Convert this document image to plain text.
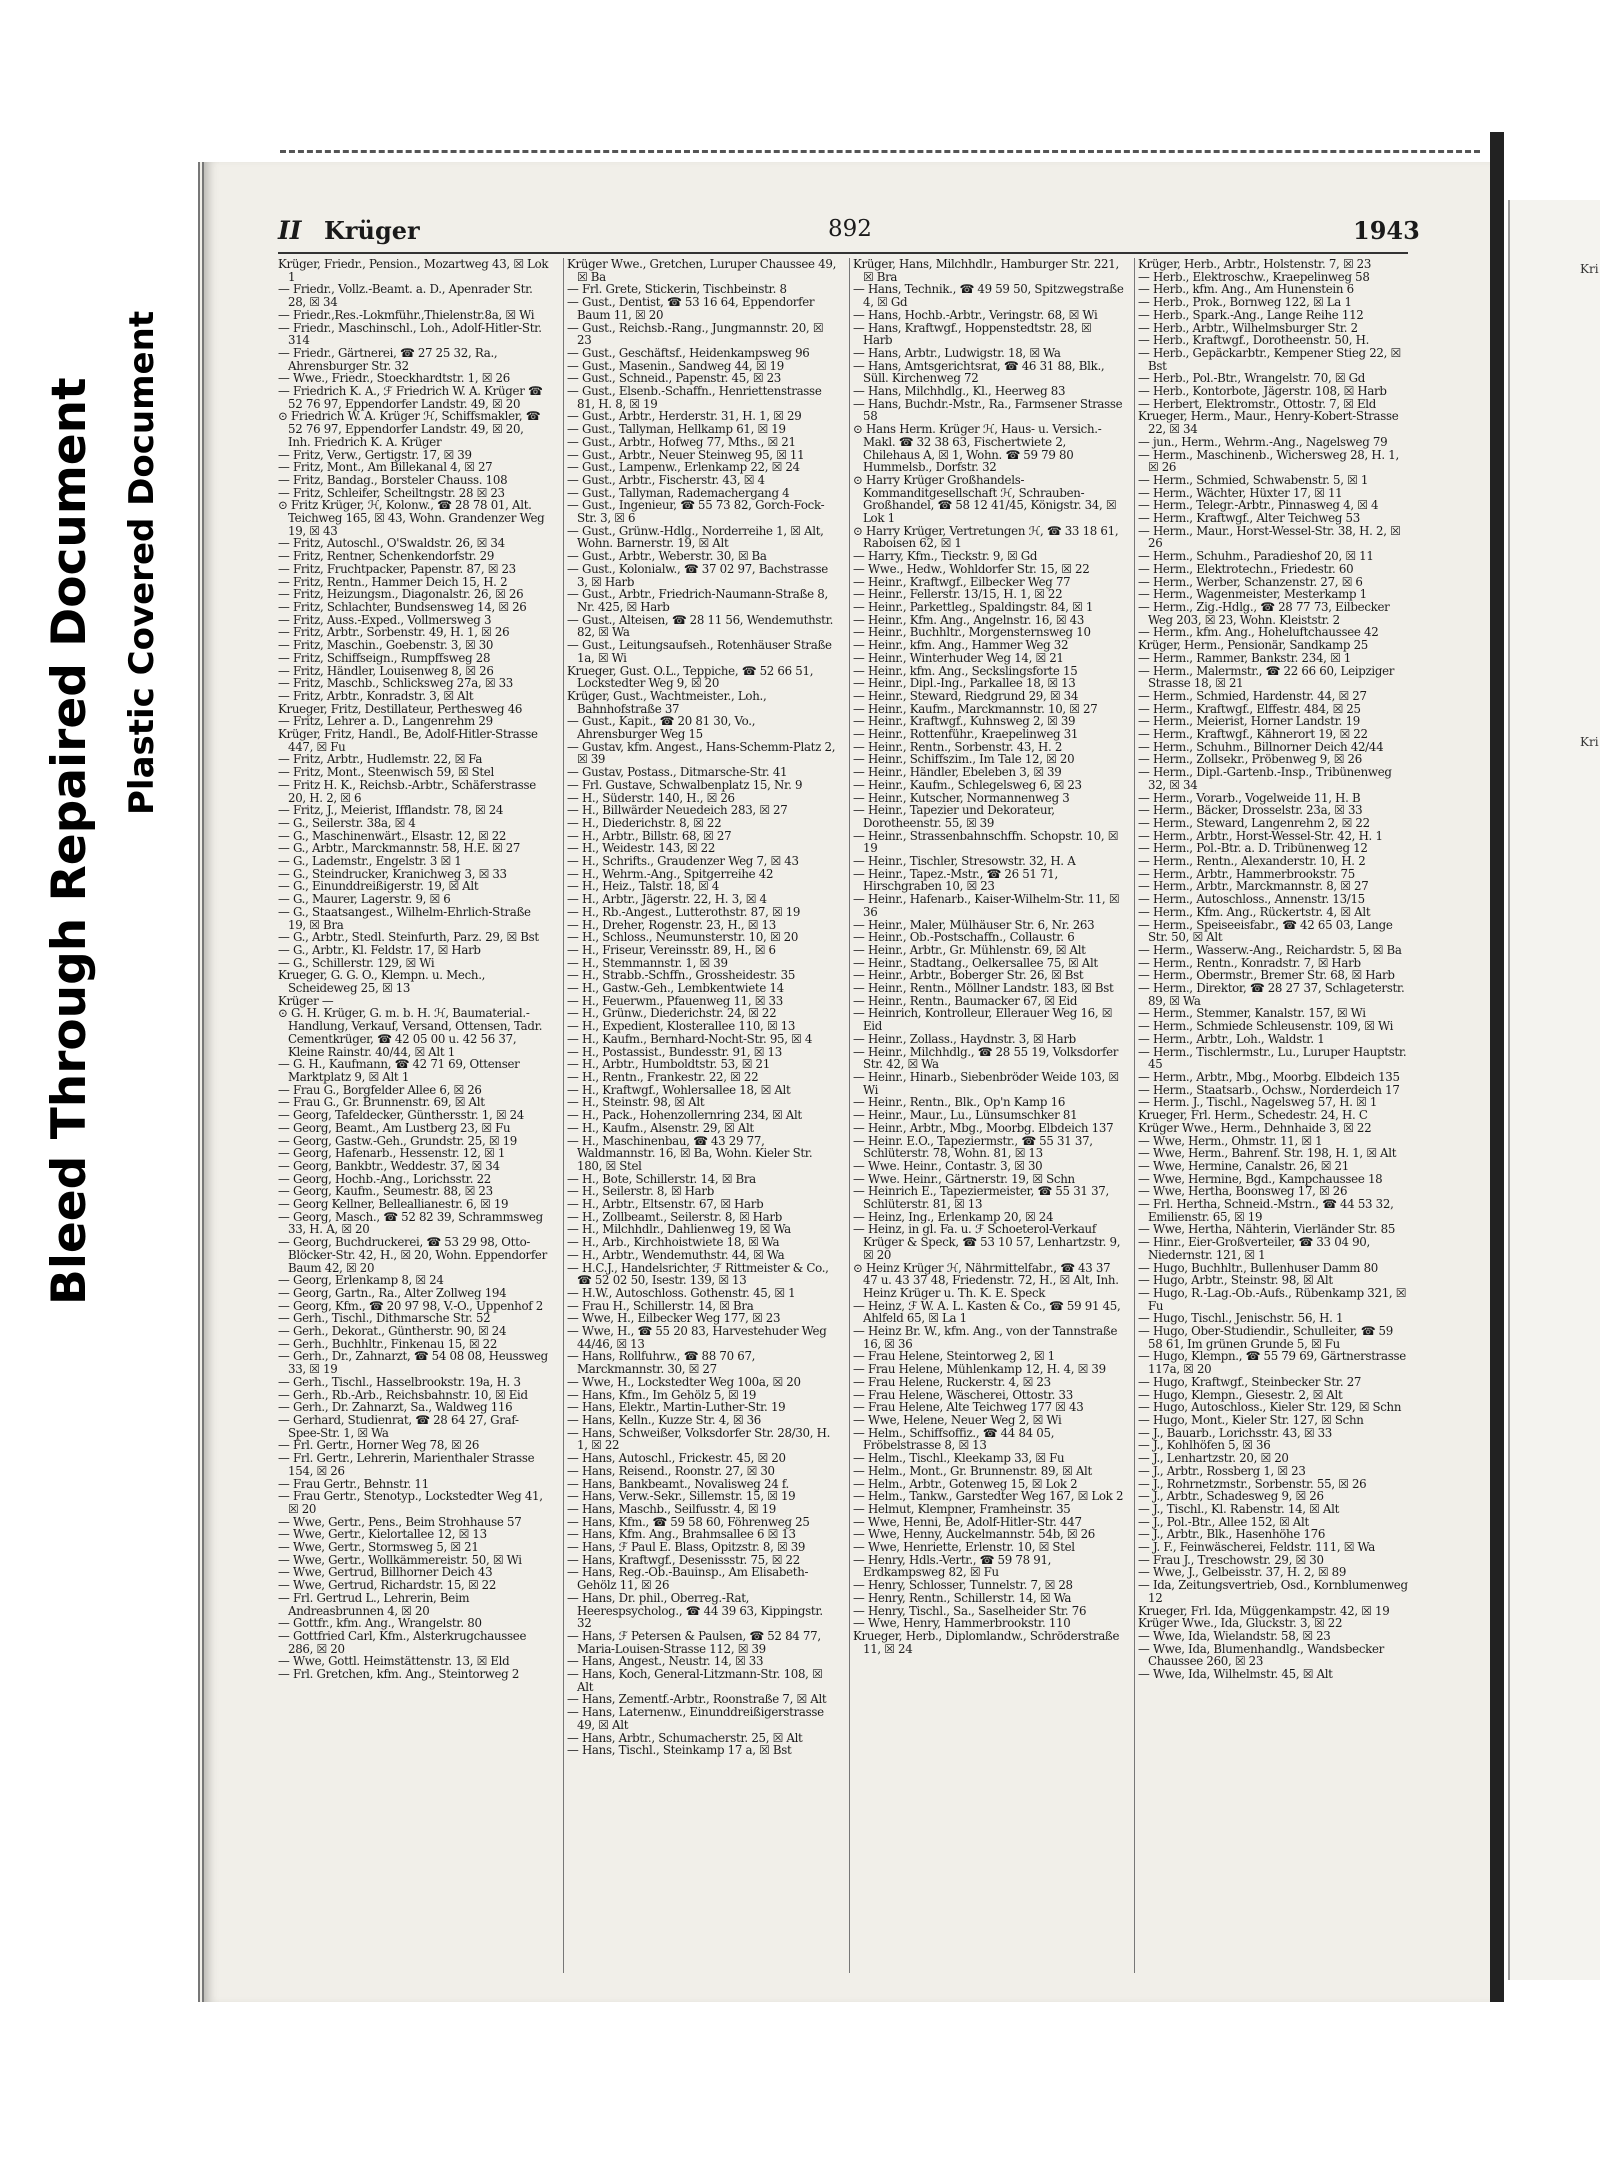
Bleed Through Repaired Document Plastic Covered Document
Kri
Kri
II Krüger	892	1943

Krüger, Friedr., Pension., Mozartweg 43, ☒ Lok 1

— Friedr., Vollz.-Beamt. a. D., Apenrader Str. 28, ☒ 34

— Friedr.,Res.-Lokmführ.,Thielenstr.8a, ☒ Wi

— Friedr., Maschinschl., Loh., Adolf-Hitler-Str. 314

— Friedr., Gärtnerei, ☎ 27 25 32, Ra., Ahrensburger Str. 32

— Wwe., Friedr., Stoeckhardtstr. 1, ☒ 26

— Friedrich K. A., ℱ Friedrich W. A. Krüger ☎ 52 76 97, Eppendorfer Landstr. 49, ☒ 20

⊙ Friedrich W. A. Krüger ℋ, Schiffsmakler, ☎ 52 76 97, Eppendorfer Landstr. 49, ☒ 20, Inh. Friedrich K. A. Krüger

— Fritz, Verw., Gertigstr. 17, ☒ 39

— Fritz, Mont., Am Billekanal 4, ☒ 27

— Fritz, Bandag., Borsteler Chauss. 108

— Fritz, Schleifer, Scheiltngstr. 28 ☒ 23

⊙ Fritz Krüger, ℋ, Kolonw., ☎ 28 78 01, Alt. Teichweg 165, ☒ 43, Wohn. Grandenzer Weg 19, ☒ 43

— Fritz, Autoschl., O'Swaldstr. 26, ☒ 34

— Fritz, Rentner, Schenkendorfstr. 29

— Fritz, Fruchtpacker, Papenstr. 87, ☒ 23

— Fritz, Rentn., Hammer Deich 15, H. 2

— Fritz, Heizungsm., Diagonalstr. 26, ☒ 26

— Fritz, Schlachter, Bundsensweg 14, ☒ 26

— Fritz, Auss.-Exped., Vollmersweg 3

— Fritz, Arbtr., Sorbenstr. 49, H. 1, ☒ 26

— Fritz, Maschin., Goebenstr. 3, ☒ 30

— Fritz, Schiffseign., Rumpffsweg 28

— Fritz, Händler, Louisenweg 8, ☒ 26

— Fritz, Maschb., Schlicksweg 27a, ☒ 33

— Fritz, Arbtr., Konradstr. 3, ☒ Alt

Krueger, Fritz, Destillateur, Perthesweg 46

— Fritz, Lehrer a. D., Langenrehm 29

Krüger, Fritz, Handl., Be, Adolf-Hitler-Strasse 447, ☒ Fu

— Fritz, Arbtr., Hudlemstr. 22, ☒ Fa

— Fritz, Mont., Steenwisch 59, ☒ Stel

— Fritz H. K., Reichsb.-Arbtr., Schäferstrasse 20, H. 2, ☒ 6

— Fritz, J., Meierist, Ifflandstr. 78, ☒ 24

— G., Seilerstr. 38a, ☒ 4

— G., Maschinenwärt., Elsastr. 12, ☒ 22

— G., Arbtr., Marckmannstr. 58, H.E. ☒ 27

— G., Lademstr., Engelstr. 3 ☒ 1

— G., Steindrucker, Kranichweg 3, ☒ 33

— G., Einunddreißigerstr. 19, ☒ Alt

— G., Maurer, Lagerstr. 9, ☒ 6

— G., Staatsangest., Wilhelm-Ehrlich-Straße 19, ☒ Bra

— G., Arbtr., Stedl. Steinfurth, Parz. 29, ☒ Bst

— G., Arbtr., Kl. Feldstr. 17, ☒ Harb

— G., Schillerstr. 129, ☒ Wi

Krueger, G. G. O., Klempn. u. Mech., Scheideweg 25, ☒ 13

Krüger —

⊙ G. H. Krüger, G. m. b. H. ℋ, Baumaterial.-Handlung, Verkauf, Versand, Ottensen, Tadr. Cementkrüger, ☎ 42 05 00 u. 42 56 37, Kleine Rainstr. 40/44, ☒ Alt 1

— G. H., Kaufmann, ☎ 42 71 69, Ottenser Marktplatz 9, ☒ Alt 1

— Frau G., Borgfelder Allee 6, ☒ 26

— Frau G., Gr. Brunnenstr. 69, ☒ Alt

— Georg, Tafeldecker, Günthersstr. 1, ☒ 24

— Georg, Beamt., Am Lustberg 23, ☒ Fu

— Georg, Gastw.-Geh., Grundstr. 25, ☒ 19

— Georg, Hafenarb., Hessenstr. 12, ☒ 1

— Georg, Bankbtr., Weddestr. 37, ☒ 34

— Georg, Hochb.-Ang., Lorichsstr. 22

— Georg, Kaufm., Seumestr. 88, ☒ 23

— Georg Kellner, Belleallianestr. 6, ☒ 19

— Georg, Masch., ☎ 52 82 39, Schrammsweg 33, H. A, ☒ 20

— Georg, Buchdruckerei, ☎ 53 29 98, Otto-Blöcker-Str. 42, H., ☒ 20, Wohn. Eppendorfer Baum 42, ☒ 20

— Georg, Erlenkamp 8, ☒ 24

— Georg, Gartn., Ra., Alter Zollweg 194

— Georg, Kfm., ☎ 20 97 98, V.-O., Uppenhof 2

— Gerh., Tischl., Dithmarsche Str. 52

— Gerh., Dekorat., Güntherstr. 90, ☒ 24

— Gerh., Buchhltr., Finkenau 15, ☒ 22

— Gerh., Dr., Zahnarzt, ☎ 54 08 08, Heussweg 33, ☒ 19

— Gerh., Tischl., Hasselbrookstr. 19a, H. 3

— Gerh., Rb.-Arb., Reichsbahnstr. 10, ☒ Eid

— Gerh., Dr. Zahnarzt, Sa., Waldweg 116

— Gerhard, Studienrat, ☎ 28 64 27, Graf-Spee-Str. 1, ☒ Wa

— Frl. Gertr., Horner Weg 78, ☒ 26

— Frl. Gertr., Lehrerin, Marienthaler Strasse 154, ☒ 26

— Frau Gertr., Behnstr. 11

— Frau Gertr., Stenotyp., Lockstedter Weg 41, ☒ 20

— Wwe, Gertr., Pens., Beim Strohhause 57

— Wwe, Gertr., Kielortallee 12, ☒ 13

— Wwe, Gertr., Stormsweg 5, ☒ 21

— Wwe, Gertr., Wollkämmereistr. 50, ☒ Wi

— Wwe, Gertrud, Billhorner Deich 43

— Wwe, Gertrud, Richardstr. 15, ☒ 22

— Frl. Gertrud L., Lehrerin, Beim Andreasbrunnen 4, ☒ 20

— Gottfr., kfm. Ang., Wrangelstr. 80

— Gottfried Carl, Kfm., Alsterkrugchaussee 286, ☒ 20

— Wwe, Gottl. Heimstättenstr. 13, ☒ Eld

— Frl. Gretchen, kfm. Ang., Steintorweg 2

Krüger Wwe., Gretchen, Luruper Chaussee 49, ☒ Ba

— Frl. Grete, Stickerin, Tischbeinstr. 8

— Gust., Dentist, ☎ 53 16 64, Eppendorfer Baum 11, ☒ 20

— Gust., Reichsb.-Rang., Jungmannstr. 20, ☒ 23

— Gust., Geschäftsf., Heidenkampsweg 96

— Gust., Masenin., Sandweg 44, ☒ 19

— Gust., Schneid., Papenstr. 45, ☒ 23

— Gust., Elsenb.-Schaffn., Henriettenstrasse 81, H. 8, ☒ 19

— Gust., Arbtr., Herderstr. 31, H. 1, ☒ 29

— Gust., Tallyman, Hellkamp 61, ☒ 19

— Gust., Arbtr., Hofweg 77, Mths., ☒ 21

— Gust., Arbtr., Neuer Steinweg 95, ☒ 11

— Gust., Lampenw., Erlenkamp 22, ☒ 24

— Gust., Arbtr., Fischerstr. 43, ☒ 4

— Gust., Tallyman, Rademachergang 4

— Gust., Ingenieur, ☎ 55 73 82, Gorch-Fock-Str. 3, ☒ 6

— Gust., Grünw.-Hdlg., Norderreihe 1, ☒ Alt, Wohn. Barnerstr. 19, ☒ Alt

— Gust., Arbtr., Weberstr. 30, ☒ Ba

— Gust., Kolonialw., ☎ 37 02 97, Bachstrasse 3, ☒ Harb

— Gust., Arbtr., Friedrich-Naumann-Straße 8, Nr. 425, ☒ Harb

— Gust., Alteisen, ☎ 28 11 56, Wendemuthstr. 82, ☒ Wa

— Gust., Leitungsaufseh., Rotenhäuser Straße 1a, ☒ Wi

Krueger, Gust. O.L., Teppiche, ☎ 52 66 51, Lockstedter Weg 9, ☒ 20

Krüger, Gust., Wachtmeister., Loh., Bahnhofstraße 37

— Gust., Kapit., ☎ 20 81 30, Vo., Ahrensburger Weg 15

— Gustav, kfm. Angest., Hans-Schemm-Platz 2, ☒ 39

— Gustav, Postass., Ditmarsche-Str. 41

— Frl. Gustave, Schwalbenplatz 15, Nr. 9

— H., Süderstr. 140, H., ☒ 26

— H., Billwärder Neuedeich 283, ☒ 27

— H., Diederichstr. 8, ☒ 22

— H., Arbtr., Billstr. 68, ☒ 27

— H., Weidestr. 143, ☒ 22

— H., Schrifts., Graudenzer Weg 7, ☒ 43

— H., Wehrm.-Ang., Spitgerreihe 42

— H., Heiz., Talstr. 18, ☒ 4

— H., Arbtr., Jägerstr. 22, H. 3, ☒ 4

— H., Rb.-Angest., Lutterothstr. 87, ☒ 19

— H., Dreher, Rogenstr. 23, H., ☒ 13

— H., Schloss., Neumunsterstr. 10, ☒ 20

— H., Friseur, Vereinsstr. 89, H., ☒ 6

— H., Stemmannstr. 1, ☒ 39

— H., Strabb.-Schffn., Grossheidestr. 35

— H., Gastw.-Geh., Lembkentwiete 14

— H., Feuerwm., Pfauenweg 11, ☒ 33

— H., Grünw., Diederichstr. 24, ☒ 22

— H., Expedient, Klosterallee 110, ☒ 13

— H., Kaufm., Bernhard-Nocht-Str. 95, ☒ 4

— H., Postassist., Bundesstr. 91, ☒ 13

— H., Arbtr., Humboldtstr. 53, ☒ 21

— H., Rentn., Frankestr. 22, ☒ 22

— H., Kraftwgf., Wohlersallee 18, ☒ Alt

— H., Steinstr. 98, ☒ Alt

— H., Pack., Hohenzollernring 234, ☒ Alt

— H., Kaufm., Alsenstr. 29, ☒ Alt

— H., Maschinenbau, ☎ 43 29 77, Waldmannstr. 16, ☒ Ba, Wohn. Kieler Str. 180, ☒ Stel

— H., Bote, Schillerstr. 14, ☒ Bra

— H., Seilerstr. 8, ☒ Harb

— H., Arbtr., Eltsenstr. 67, ☒ Harb

— H., Zollbeamt., Seilerstr. 8, ☒ Harb

— H., Milchhdlr., Dahlienweg 19, ☒ Wa

— H., Arb., Kirchhoistwiete 18, ☒ Wa

— H., Arbtr., Wendemuthstr. 44, ☒ Wa

— H.C.J., Handelsrichter, ℱ Rittmeister & Co., ☎ 52 02 50, Isestr. 139, ☒ 13

— H.W., Autoschloss. Gothenstr. 45, ☒ 1

— Frau H., Schillerstr. 14, ☒ Bra

— Wwe, H., Eilbecker Weg 177, ☒ 23

— Wwe, H., ☎ 55 20 83, Harvestehuder Weg 44/46, ☒ 13

— Hans, Rollfuhrw., ☎ 88 70 67, Marckmannstr. 30, ☒ 27

— Wwe, H., Lockstedter Weg 100a, ☒ 20

— Hans, Kfm., Im Gehölz 5, ☒ 19

— Hans, Elektr., Martin-Luther-Str. 19

— Hans, Kelln., Kuzze Str. 4, ☒ 36

— Hans, Schweißer, Volksdorfer Str. 28/30, H. 1, ☒ 22

— Hans, Autoschl., Frickestr. 45, ☒ 20

— Hans, Reisend., Roonstr. 27, ☒ 30

— Hans, Bankbeamt., Novalisweg 24 f.

— Hans, Verw.-Sekr., Sillemstr. 15, ☒ 19

— Hans, Maschb., Seilfusstr. 4, ☒ 19

— Hans, Kfm., ☎ 59 58 60, Föhrenweg 25

— Hans, Kfm. Ang., Brahmsallee 6 ☒ 13

— Hans, ℱ Paul E. Blass, Opitzstr. 8, ☒ 39

— Hans, Kraftwgf., Desenissstr. 75, ☒ 22

— Hans, Reg.-Ob.-Bauinsp., Am Elisabeth-Gehölz 11, ☒ 26

— Hans, Dr. phil., Oberreg.-Rat, Heerespsycholog., ☎ 44 39 63, Kippingstr. 32

— Hans, ℱ Petersen & Paulsen, ☎ 52 84 77, Maria-Louisen-Strasse 112, ☒ 39

— Hans, Angest., Neustr. 14, ☒ 33

— Hans, Koch, General-Litzmann-Str. 108, ☒ Alt

— Hans, Zementf.-Arbtr., Roonstraße 7, ☒ Alt

— Hans, Laternenw., Einunddreißigerstrasse 49, ☒ Alt

— Hans, Arbtr., Schumacherstr. 25, ☒ Alt

— Hans, Tischl., Steinkamp 17 a, ☒ Bst

Krüger, Hans, Milchhdlr., Hamburger Str. 221, ☒ Bra

— Hans, Technik., ☎ 49 59 50, Spitzwegstraße 4, ☒ Gd

— Hans, Hochb.-Arbtr., Veringstr. 68, ☒ Wi

— Hans, Kraftwgf., Hoppenstedtstr. 28, ☒ Harb

— Hans, Arbtr., Ludwigstr. 18, ☒ Wa

— Hans, Amtsgerichtsrat, ☎ 46 31 88, Blk., Süll. Kirchenweg 72

— Hans, Milchhdlg., Kl., Heerweg 83

— Hans, Buchdr.-Mstr., Ra., Farmsener Strasse 58

⊙ Hans Herm. Krüger ℋ, Haus- u. Versich.-Makl. ☎ 32 38 63, Fischertwiete 2, Chilehaus A, ☒ 1, Wohn. ☎ 59 79 80 Hummelsb., Dorfstr. 32

⊙ Harry Krüger Großhandels-Kommanditgesellschaft ℋ, Schrauben-Großhandel, ☎ 58 12 41/45, Königstr. 34, ☒ Lok 1

⊙ Harry Krüger, Vertretungen ℋ, ☎ 33 18 61, Raboisen 62, ☒ 1

— Harry, Kfm., Tieckstr. 9, ☒ Gd

— Wwe., Hedw., Wohldorfer Str. 15, ☒ 22

— Heinr., Kraftwgf., Eilbecker Weg 77

— Heinr., Fellerstr. 13/15, H. 1, ☒ 22

— Heinr., Parkettleg., Spaldingstr. 84, ☒ 1

— Heinr., Kfm. Ang., Angelnstr. 16, ☒ 43

— Heinr., Buchhltr., Morgensternsweg 10

— Heinr., kfm. Ang., Hammer Weg 32

— Heinr., Winterhuder Weg 14, ☒ 21

— Heinr., kfm. Ang., Seckslingsforte 15

— Heinr., Dipl.-Ing., Parkallee 18, ☒ 13

— Heinr., Steward, Riedgrund 29, ☒ 34

— Heinr., Kaufm., Marckmannstr. 10, ☒ 27

— Heinr., Kraftwgf., Kuhnsweg 2, ☒ 39

— Heinr., Rottenführ., Kraepelinweg 31

— Heinr., Rentn., Sorbenstr. 43, H. 2

— Heinr., Schiffszim., Im Tale 12, ☒ 20

— Heinr., Händler, Ebeleben 3, ☒ 39

— Heinr., Kaufm., Schlegelsweg 6, ☒ 23

— Heinr., Kutscher, Normannenweg 3

— Heinr., Tapezier und Dekorateur, Dorotheenstr. 55, ☒ 39

— Heinr., Strassenbahnschffn. Schopstr. 10, ☒ 19

— Heinr., Tischler, Stresowstr. 32, H. A

— Heinr., Tapez.-Mstr., ☎ 26 51 71, Hirschgraben 10, ☒ 23

— Heinr., Hafenarb., Kaiser-Wilhelm-Str. 11, ☒ 36

— Heinr., Maler, Mülhäuser Str. 6, Nr. 263

— Heinr., Ob.-Postschaffn., Collaustr. 6

— Heinr., Arbtr., Gr. Mühlenstr. 69, ☒ Alt

— Heinr., Stadtang., Oelkersallee 75, ☒ Alt

— Heinr., Arbtr., Boberger Str. 26, ☒ Bst

— Heinr., Rentn., Möllner Landstr. 183, ☒ Bst

— Heinr., Rentn., Baumacker 67, ☒ Eid

— Heinrich, Kontrolleur, Ellerauer Weg 16, ☒ Eid

— Heinr., Zollass., Haydnstr. 3, ☒ Harb

— Heinr., Milchhdlg., ☎ 28 55 19, Volksdorfer Str. 42, ☒ Wa

— Heinr., Hinarb., Siebenbröder Weide 103, ☒ Wi

— Heinr., Rentn., Blk., Op'n Kamp 16

— Heinr., Maur., Lu., Lünsumschker 81

— Heinr., Arbtr., Mbg., Moorbg. Elbdeich 137

— Heinr. E.O., Tapeziermstr., ☎ 55 31 37, Schlüterstr. 78, Wohn. 81, ☒ 13

— Wwe. Heinr., Contastr. 3, ☒ 30

— Wwe. Heinr., Gärtnerstr. 19, ☒ Schn

— Heinrich E., Tapeziermeister, ☎ 55 31 37, Schlüterstr. 81, ☒ 13

— Heinz, Ing., Erlenkamp 20, ☒ 24

— Heinz, in gl. Fa. u. ℱ Schoeterol-Verkauf Krüger & Speck, ☎ 53 10 57, Lenhartzstr. 9, ☒ 20

⊙ Heinz Krüger ℋ, Nährmittelfabr., ☎ 43 37 47 u. 43 37 48, Friedenstr. 72, H., ☒ Alt, Inh. Heinz Krüger u. Th. K. E. Speck

— Heinz, ℱ W. A. L. Kasten & Co., ☎ 59 91 45, Ahlfeld 65, ☒ La 1

— Heinz Br. W., kfm. Ang., von der Tannstraße 16, ☒ 36

— Frau Helene, Steintorweg 2, ☒ 1

— Frau Helene, Mühlenkamp 12, H. 4, ☒ 39

— Frau Helene, Ruckerstr. 4, ☒ 23

— Frau Helene, Wäscherei, Ottostr. 33

— Frau Helene, Alte Teichweg 177 ☒ 43

— Wwe, Helene, Neuer Weg 2, ☒ Wi

— Helm., Schiffsoffiz., ☎ 44 84 05, Fröbelstrasse 8, ☒ 13

— Helm., Tischl., Kleekamp 33, ☒ Fu

— Helm., Mont., Gr. Brunnenstr. 89, ☒ Alt

— Helm., Arbtr., Gotenweg 15, ☒ Lok 2

— Helm., Tankw., Garstedter Weg 167, ☒ Lok 2

— Helmut, Klempner, Framheinstr. 35

— Wwe, Henni, Be, Adolf-Hitler-Str. 447

— Wwe, Henny, Auckelmannstr. 54b, ☒ 26

— Wwe, Henriette, Erlenstr. 10, ☒ Stel

— Henry, Hdls.-Vertr., ☎ 59 78 91, Erdkampsweg 82, ☒ Fu

— Henry, Schlosser, Tunnelstr. 7, ☒ 28

— Henry, Rentn., Schillerstr. 14, ☒ Wa

— Henry, Tischl., Sa., Saselheider Str. 76

— Wwe, Henry, Hammerbrookstr. 110

Krueger, Herb., Diplomlandw., Schröderstraße 11, ☒ 24

Krüger, Herb., Arbtr., Holstenstr. 7, ☒ 23

— Herb., Elektroschw., Kraepelinweg 58

— Herb., kfm. Ang., Am Hunenstein 6

— Herb., Prok., Bornweg 122, ☒ La 1

— Herb., Spark.-Ang., Lange Reihe 112

— Herb., Arbtr., Wilhelmsburger Str. 2

— Herb., Kraftwgf., Dorotheenstr. 50, H.

— Herb., Gepäckarbtr., Kempener Stieg 22, ☒ Bst

— Herb., Pol.-Btr., Wrangelstr. 70, ☒ Gd

— Herb., Kontorbote, Jägerstr. 108, ☒ Harb

— Herbert, Elektromstr., Ottostr. 7, ☒ Eld

Krueger, Herm., Maur., Henry-Kobert-Strasse 22, ☒ 34

— jun., Herm., Wehrm.-Ang., Nagelsweg 79

— Herm., Maschinenb., Wichersweg 28, H. 1, ☒ 26

— Herm., Schmied, Schwabenstr. 5, ☒ 1

— Herm., Wächter, Hüxter 17, ☒ 11

— Herm., Telegr.-Arbtr., Pinnasweg 4, ☒ 4

— Herm., Kraftwgf., Alter Teichweg 53

— Herm., Maur., Horst-Wessel-Str. 38, H. 2, ☒ 26

— Herm., Schuhm., Paradieshof 20, ☒ 11

— Herm., Elektrotechn., Friedestr. 60

— Herm., Werber, Schanzenstr. 27, ☒ 6

— Herm., Wagenmeister, Mesterkamp 1

— Herm., Zig.-Hdlg., ☎ 28 77 73, Eilbecker Weg 203, ☒ 23, Wohn. Kleiststr. 2

— Herm., kfm. Ang., Hoheluftchaussee 42

Krüger, Herm., Pensionär, Sandkamp 25

— Herm., Rammer, Bankstr. 234, ☒ 1

— Herm., Malermstr., ☎ 22 66 60, Leipziger Strasse 18, ☒ 21

— Herm., Schmied, Hardenstr. 44, ☒ 27

— Herm., Kraftwgf., Elffestr. 484, ☒ 25

— Herm., Meierist, Horner Landstr. 19

— Herm., Kraftwgf., Kähnerort 19, ☒ 22

— Herm., Schuhm., Billnorner Deich 42/44

— Herm., Zollsekr., Pröbenweg 9, ☒ 26

— Herm., Dipl.-Gartenb.-Insp., Tribünenweg 32, ☒ 34

— Herm., Vorarb., Vogelweide 11, H. B

— Herm., Bäcker, Drosselstr. 23a, ☒ 33

— Herm., Steward, Langenrehm 2, ☒ 22

— Herm., Arbtr., Horst-Wessel-Str. 42, H. 1

— Herm., Pol.-Btr. a. D. Tribünenweg 12

— Herm., Rentn., Alexanderstr. 10, H. 2

— Herm., Arbtr., Hammerbrookstr. 75

— Herm., Arbtr., Marckmannstr. 8, ☒ 27

— Herm., Autoschloss., Annenstr. 13/15

— Herm., Kfm. Ang., Rückertstr. 4, ☒ Alt

— Herm., Speiseeisfabr., ☎ 42 65 03, Lange Str. 50, ☒ Alt

— Herm., Wasserw.-Ang., Reichardstr. 5, ☒ Ba

— Herm., Rentn., Konradstr. 7, ☒ Harb

— Herm., Obermstr., Bremer Str. 68, ☒ Harb

— Herm., Direktor, ☎ 28 27 37, Schlageterstr. 89, ☒ Wa

— Herm., Stemmer, Kanalstr. 157, ☒ Wi

— Herm., Schmiede Schleusenstr. 109, ☒ Wi

— Herm., Arbtr., Loh., Waldstr. 1

— Herm., Tischlermstr., Lu., Luruper Hauptstr. 45

— Herm., Arbtr., Mbg., Moorbg. Elbdeich 135

— Herm., Staatsarb., Ochsw., Norderdeich 17

— Herm. J., Tischl., Nagelsweg 57, H. ☒ 1

Krueger, Frl. Herm., Schedestr. 24, H. C

Krüger Wwe., Herm., Dehnhaide 3, ☒ 22

— Wwe, Herm., Ohmstr. 11, ☒ 1

— Wwe, Herm., Bahrenf. Str. 198, H. 1, ☒ Alt

— Wwe, Hermine, Canalstr. 26, ☒ 21

— Wwe, Hermine, Bgd., Kampchaussee 18

— Wwe, Hertha, Boonsweg 17, ☒ 26

— Frl. Hertha, Schneid.-Mstrn., ☎ 44 53 32, Emilienstr. 65, ☒ 19

— Wwe, Hertha, Nähterin, Vierländer Str. 85

— Hinr., Eier-Großverteiler, ☎ 33 04 90, Niedernstr. 121, ☒ 1

— Hugo, Buchhltr., Bullenhuser Damm 80

— Hugo, Arbtr., Steinstr. 98, ☒ Alt

— Hugo, R.-Lag.-Ob.-Aufs., Rübenkamp 321, ☒ Fu

— Hugo, Tischl., Jenischstr. 56, H. 1

— Hugo, Ober-Studiendir., Schulleiter, ☎ 59 58 61, Im grünen Grunde 5, ☒ Fu

— Hugo, Klempn., ☎ 55 79 69, Gärtnerstrasse 117a, ☒ 20

— Hugo, Kraftwgf., Steinbecker Str. 27

— Hugo, Klempn., Giesestr. 2, ☒ Alt

— Hugo, Autoschloss., Kieler Str. 129, ☒ Schn

— Hugo, Mont., Kieler Str. 127, ☒ Schn

— J., Bauarb., Lorichsstr. 43, ☒ 33

— J., Kohlhöfen 5, ☒ 36

— J., Lenhartzstr. 20, ☒ 20

— J., Arbtr., Rossberg 1, ☒ 23

— J., Rohrnetzmstr., Sorbenstr. 55, ☒ 26

— J., Arbtr., Schadesweg 9, ☒ 26

— J., Tischl., Kl. Rabenstr. 14, ☒ Alt

— J., Pol.-Btr., Allee 152, ☒ Alt

— J., Arbtr., Blk., Hasenhöhe 176

— J. F., Feinwäscherei, Feldstr. 111, ☒ Wa

— Frau J., Treschowstr. 29, ☒ 30

— Wwe, J., Gelbeisstr. 37, H. 2, ☒ 89

— Ida, Zeitungsvertrieb, Osd., Kornblumenweg 12

Krueger, Frl. Ida, Müggenkampstr. 42, ☒ 19

Krüger Wwe., Ida, Gluckstr. 3, ☒ 22

— Wwe, Ida, Wielandstr. 58, ☒ 23

— Wwe, Ida, Blumenhandlg., Wandsbecker Chaussee 260, ☒ 23

— Wwe, Ida, Wilhelmstr. 45, ☒ Alt
